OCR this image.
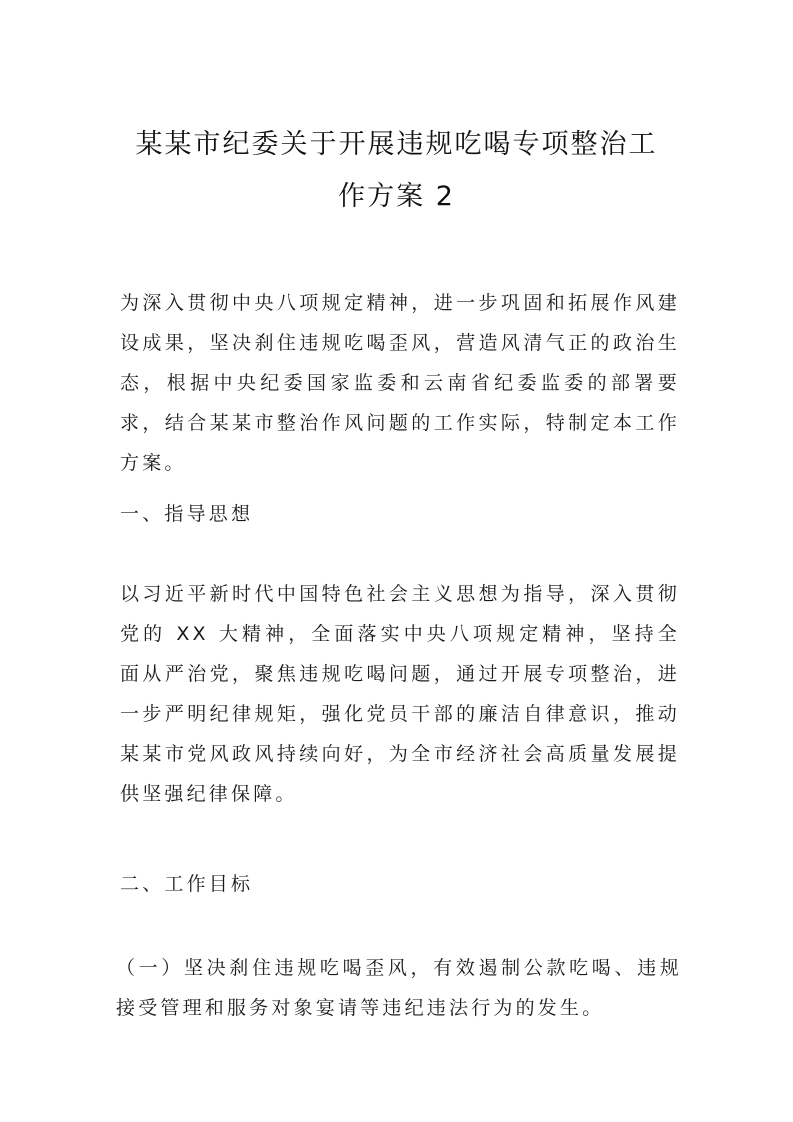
某某市纪委关于开展违规吃喝专项整治工
作方案 2

为深入贯彻中央八项规定精神，进一步巩固和拓展作风建设成果，坚决刹住违规吃喝歪风，营造风清气正的政治生态，根据中央纪委国家监委和云南省纪委监委的部署要求，结合某某市整治作风问题的工作实际，特制定本工作方案。

一、指导思想

以习近平新时代中国特色社会主义思想为指导，深入贯彻党的 XX 大精神，全面落实中央八项规定精神，坚持全面从严治党，聚焦违规吃喝问题，通过开展专项整治，进一步严明纪律规矩，强化党员干部的廉洁自律意识，推动某某市党风政风持续向好，为全市经济社会高质量发展提供坚强纪律保障。

二、工作目标

（一）坚决刹住违规吃喝歪风，有效遏制公款吃喝、违规接受管理和服务对象宴请等违纪违法行为的发生。
